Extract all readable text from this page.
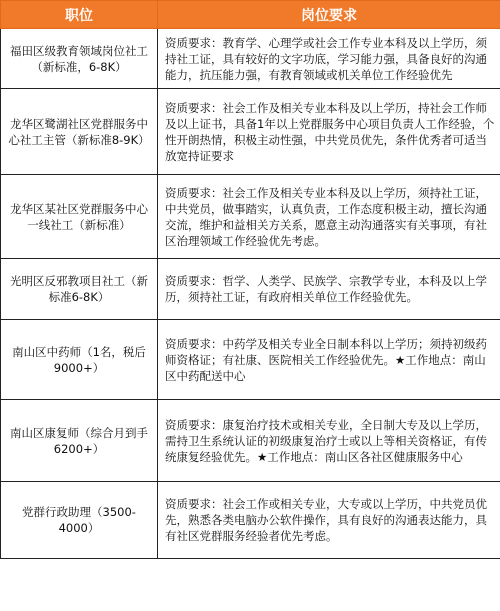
职位	岗位要求
福田区级教育领域岗位社工（新标准，6-8K）	资质要求：教育学、心理学或社会工作专业本科及以上学历，须持社工证，具有较好的文字功底，学习能力强，具备良好的沟通能力，抗压能力强，有教育领域或机关单位工作经验优先
龙华区鹭湖社区党群服务中心社工主管（新标准8-9K）	资质要求：社会工作及相关专业本科及以上学历，持社会工作师及以上证书，具备1年以上党群服务中心项目负责人工作经验，个性开朗热情，积极主动性强，中共党员优先，条件优秀者可适当放宽持证要求
龙华区某社区党群服务中心一线社工（新标准）	资质要求：社会工作及相关专业本科及以上学历，须持社工证，中共党员，做事踏实，认真负责，工作态度积极主动，擅长沟通交流，维护和益相关方关系，愿意主动沟通落实有关事项，有社区治理领域工作经验优先考虑。
光明区反邪教项目社工（新标准6-8K）	资质要求：哲学、人类学、民族学、宗教学专业，本科及以上学历，须持社工证，有政府相关单位工作经验优先。
南山区中药师（1名，税后9000+）	资质要求：中药学及相关专业全日制本科以上学历；须持初级药师资格证；有社康、医院相关工作经验优先。★工作地点：南山区中药配送中心
南山区康复师（综合月到手6200+）	资质要求：康复治疗技术或相关专业，全日制大专及以上学历，需持卫生系统认证的初级康复治疗士或以上等相关资格证，有传统康复经验优先。★工作地点：南山区各社区健康服务中心
党群行政助理（3500-4000）	资质要求：社会工作或相关专业，大专或以上学历，中共党员优先，熟悉各类电脑办公软件操作，具有良好的沟通表达能力，具有社区党群服务经验者优先考虑。
